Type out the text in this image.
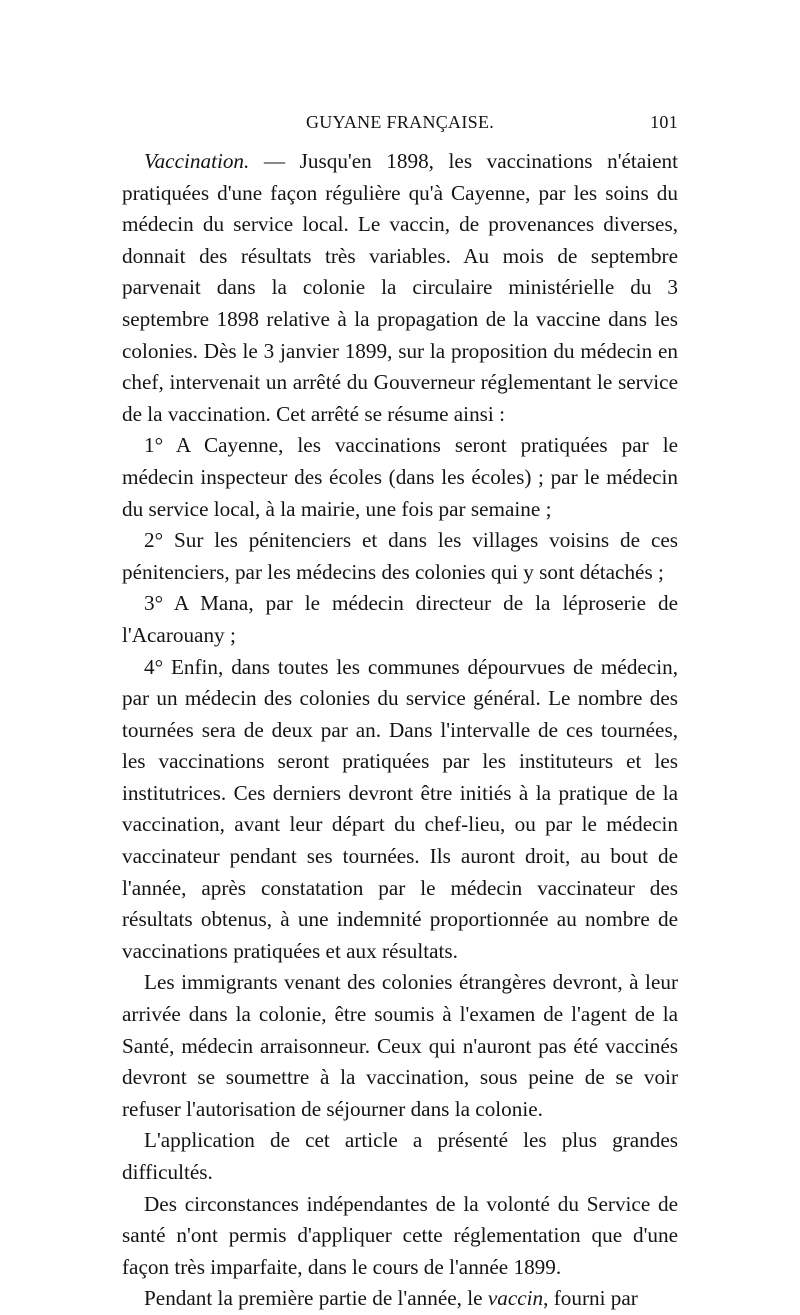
GUYANE FRANÇAISE.	101

Vaccination. — Jusqu'en 1898, les vaccinations n'étaient pratiquées d'une façon régulière qu'à Cayenne, par les soins du médecin du service local. Le vaccin, de provenances diverses, donnait des résultats très variables. Au mois de septembre parvenait dans la colonie la circulaire ministérielle du 3 septembre 1898 relative à la propagation de la vaccine dans les colonies. Dès le 3 janvier 1899, sur la proposition du médecin en chef, intervenait un arrêté du Gouverneur réglementant le service de la vaccination. Cet arrêté se résume ainsi :

1° A Cayenne, les vaccinations seront pratiquées par le médecin inspecteur des écoles (dans les écoles) ; par le médecin du service local, à la mairie, une fois par semaine ;

2° Sur les pénitenciers et dans les villages voisins de ces pénitenciers, par les médecins des colonies qui y sont détachés ;

3° A Mana, par le médecin directeur de la léproserie de l'Acarouany ;

4° Enfin, dans toutes les communes dépourvues de médecin, par un médecin des colonies du service général. Le nombre des tournées sera de deux par an. Dans l'intervalle de ces tournées, les vaccinations seront pratiquées par les instituteurs et les institutrices. Ces derniers devront être initiés à la pratique de la vaccination, avant leur départ du chef-lieu, ou par le médecin vaccinateur pendant ses tournées. Ils auront droit, au bout de l'année, après constatation par le médecin vaccinateur des résultats obtenus, à une indemnité proportionnée au nombre de vaccinations pratiquées et aux résultats.

Les immigrants venant des colonies étrangères devront, à leur arrivée dans la colonie, être soumis à l'examen de l'agent de la Santé, médecin arraisonneur. Ceux qui n'auront pas été vaccinés devront se soumettre à la vaccination, sous peine de se voir refuser l'autorisation de séjourner dans la colonie.

L'application de cet article a présenté les plus grandes difficultés.

Des circonstances indépendantes de la volonté du Service de santé n'ont permis d'appliquer cette réglementation que d'une façon très imparfaite, dans le cours de l'année 1899.

Pendant la première partie de l'année, le vaccin, fourni par
